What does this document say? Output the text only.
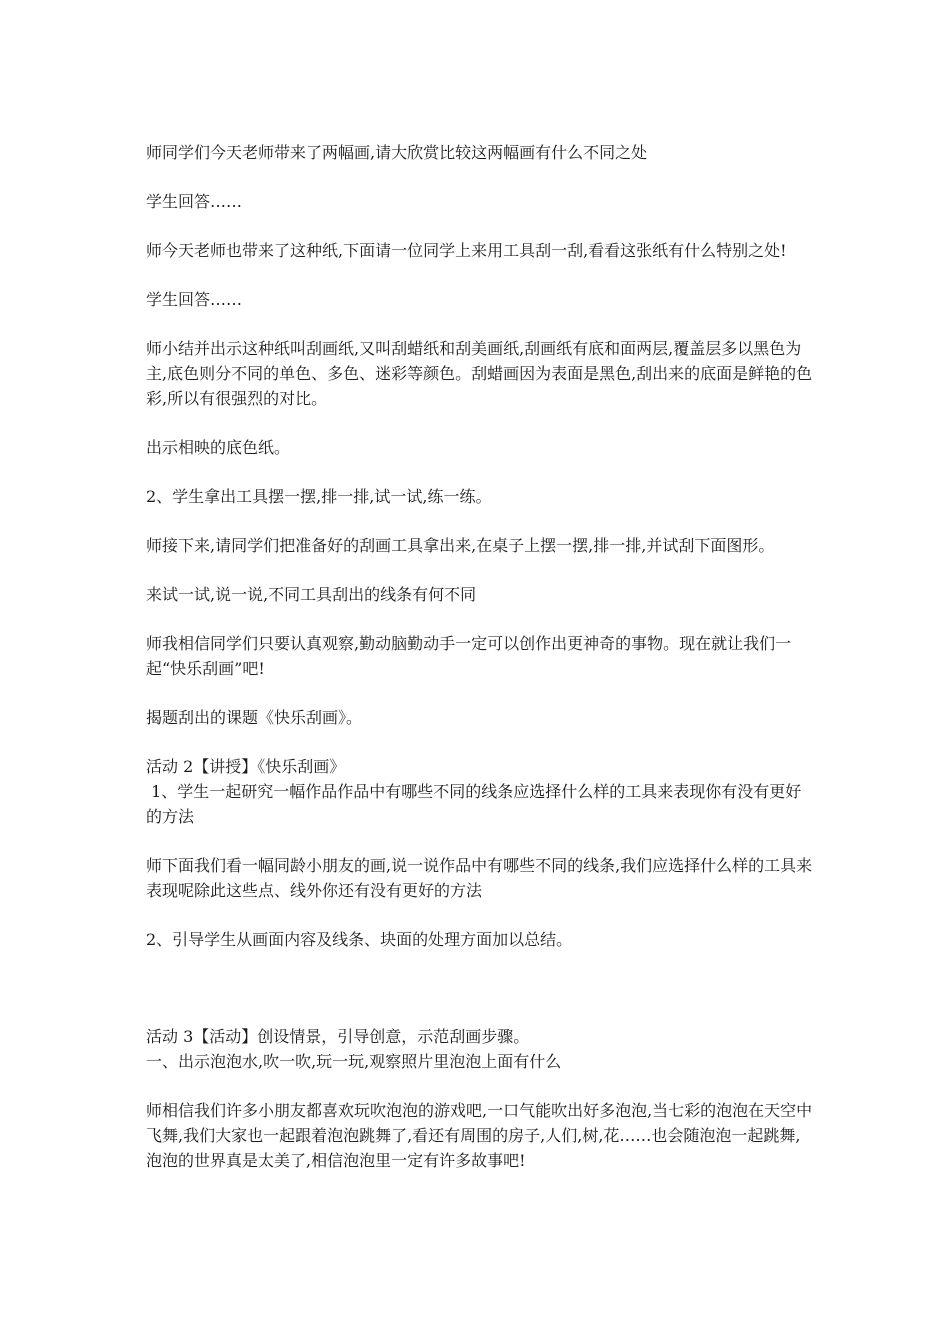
师同学们今天老师带来了两幅画,请大欣赏比较这两幅画有什么不同之处

学生回答……

师今天老师也带来了这种纸,下面请一位同学上来用工具刮一刮,看看这张纸有什么特别之处!

学生回答……

师小结并出示这种纸叫刮画纸,又叫刮蜡纸和刮美画纸,刮画纸有底和面两层,覆盖层多以黑色为主,底色则分不同的单色、多色、迷彩等颜色。刮蜡画因为表面是黑色,刮出来的底面是鲜艳的色彩,所以有很强烈的对比。

出示相映的底色纸。

2、学生拿出工具摆一摆,排一排,试一试,练一练。

师接下来,请同学们把准备好的刮画工具拿出来,在桌子上摆一摆,排一排,并试刮下面图形。

来试一试,说一说,不同工具刮出的线条有何不同

师我相信同学们只要认真观察,勤动脑勤动手一定可以创作出更神奇的事物。现在就让我们一起“快乐刮画”吧!

揭题刮出的课题《快乐刮画》。

活动 2【讲授】《快乐刮画》

1、学生一起研究一幅作品作品中有哪些不同的线条应选择什么样的工具来表现你有没有更好的方法

师下面我们看一幅同龄小朋友的画,说一说作品中有哪些不同的线条,我们应选择什么样的工具来表现呢除此这些点、线外你还有没有更好的方法

2、引导学生从画面内容及线条、块面的处理方面加以总结。

活动 3【活动】创设情景，引导创意，示范刮画步骤。

一、出示泡泡水,吹一吹,玩一玩,观察照片里泡泡上面有什么

师相信我们许多小朋友都喜欢玩吹泡泡的游戏吧,一口气能吹出好多泡泡,当七彩的泡泡在天空中飞舞,我们大家也一起跟着泡泡跳舞了,看还有周围的房子,人们,树,花……也会随泡泡一起跳舞,泡泡的世界真是太美了,相信泡泡里一定有许多故事吧!
